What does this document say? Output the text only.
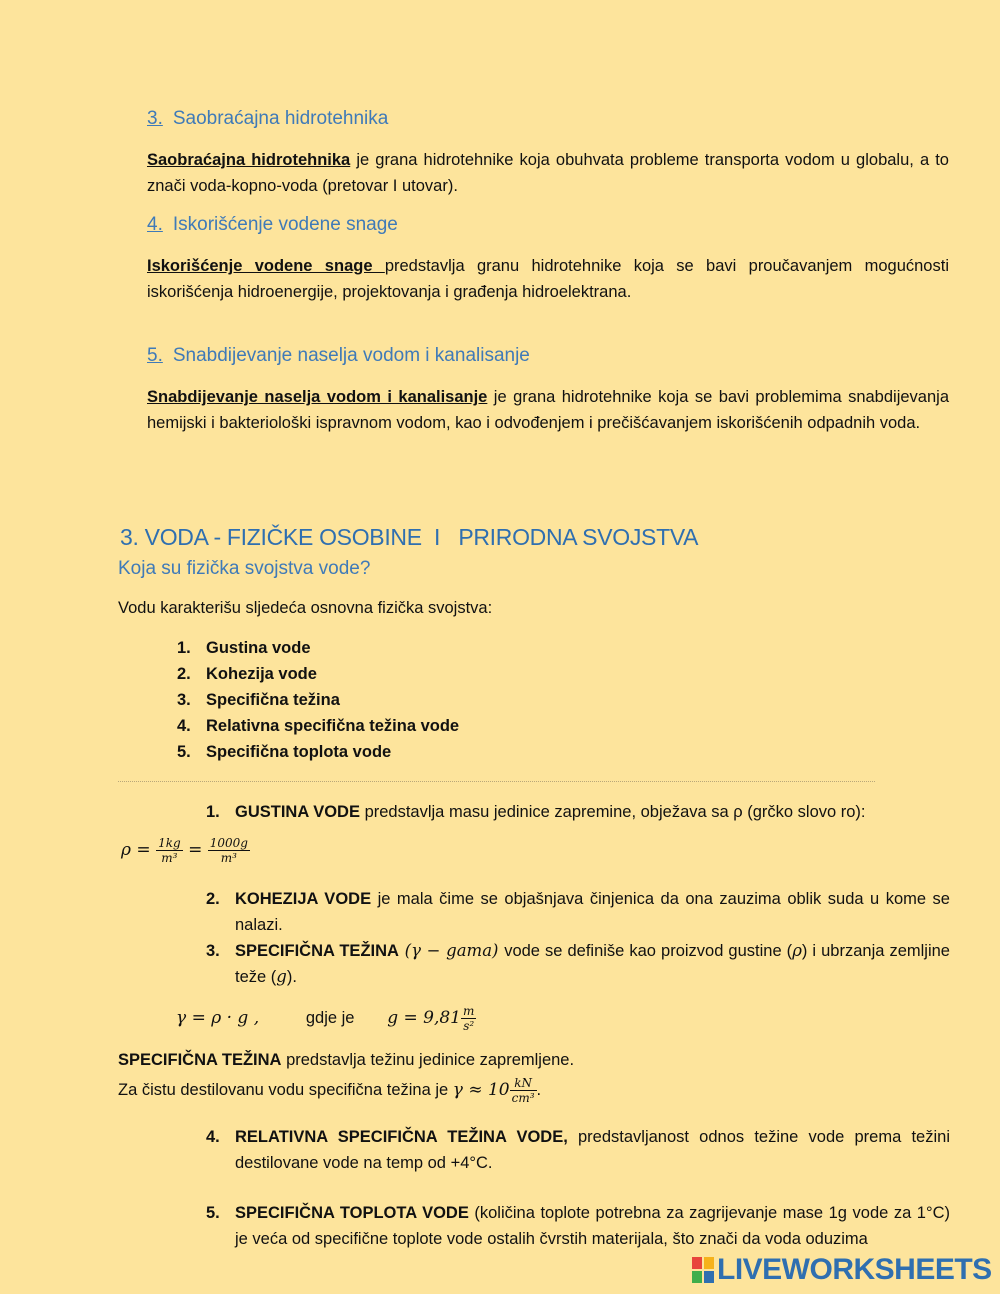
3. Saobraćajna hidrotehnika
Saobraćajna hidrotehnika je grana hidrotehnike koja obuhvata probleme transporta vodom u globalu, a to znači voda-kopno-voda (pretovar I utovar).
4. Iskorišćenje vodene snage
Iskorišćenje vodene snage predstavlja granu hidrotehnike koja se bavi proučavanjem mogućnosti iskorišćenja hidroenergije, projektovanja i građenja hidroelektrana.
5. Snabdijevanje naselja vodom i kanalisanje
Snabdijevanje naselja vodom i kanalisanje je grana hidrotehnike koja se bavi problemima snabdijevanja hemijski i bakteriološki ispravnom vodom, kao i odvođenjem i prečišćavanjem iskorišćenih odpadnih voda.
3. VODA - FIZIČKE OSOBINE  I   PRIRODNA SVOJSTVA
Koja su fizička svojstva vode?
Vodu karakterišu sljedeća osnovna fizička svojstva:
1. Gustina vode
2. Kohezija vode
3. Specifična težina
4. Relativna specifična težina vode
5. Specifična toplota vode
1. GUSTINA VODE predstavlja masu jedinice zapremine, obježava sa ρ (grčko slovo ro):
$\rho = \frac{1kg}{\text{m³}} = \frac{1000g}{\text{m³}}$
2. KOHEZIJA VODE je mala čime se objašnjava činjenica da ona zauzima oblik suda u kome se nalazi.
3. SPECIFIČNA TEŽINA (γ − gama) vode se definiše kao proizvod gustine (ρ) i ubrzanja zemljine teže (g).
γ = ρ · g ,	gdje je $g = 9,81 \frac{m}{\text{s²}}$
SPECIFIČNA TEŽINA predstavlja težinu jedinice zapremljene.
Za čistu destilovanu vodu specifična težina je $\gamma \approx 10 \frac{kN}{\text{cm³}}$ .
4. RELATIVNA SPECIFIČNA TEŽINA VODE, predstavljanost odnos težine vode prema težini destilovane vode na temp od +4°C.
5. SPECIFIČNA TOPLOTA VODE (količina toplote potrebna za zagrijevanje mase 1g vode za 1°C) je veća od specifične toplote vode ostalih čvrstih materijala, što znači da voda oduzima
LIVEWORKSHEETS
